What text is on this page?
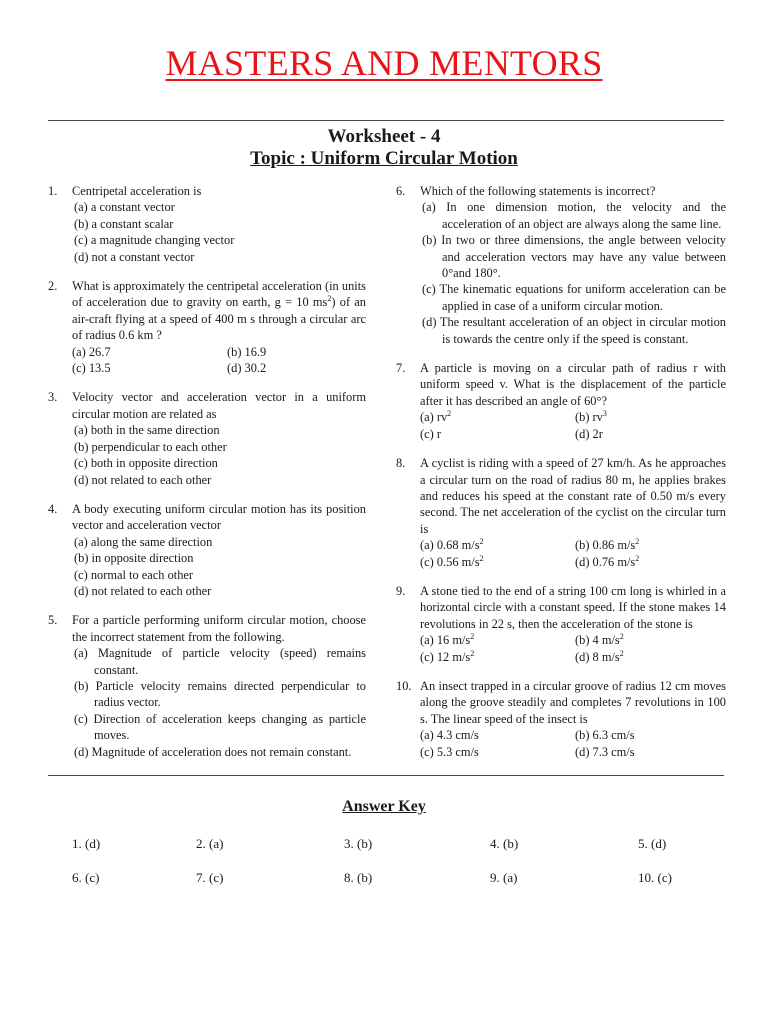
MASTERS AND MENTORS
Worksheet - 4
Topic : Uniform Circular Motion
1. Centripetal acceleration is
(a) a constant vector
(b) a constant scalar
(c) a magnitude changing vector
(d) not a constant vector
2. What is approximately the centripetal acceleration (in units of acceleration due to gravity on earth, g = 10 $ms^2$) of an air-craft flying at a speed of 400 m s through a circular arc of radius 0.6 km ?
(a) 26.7	(b) 16.9
(c) 13.5	(d) 30.2
3. Velocity vector and acceleration vector in a uniform circular motion are related as
(a) both in the same direction
(b) perpendicular to each other
(c) both in opposite direction
(d) not related to each other
4. A body executing uniform circular motion has its position vector and acceleration vector
(a) along the same direction
(b) in opposite direction
(c) normal to each other
(d) not related to each other
5. For a particle performing uniform circular motion, choose the incorrect statement from the following.
(a) Magnitude of particle velocity (speed) remains constant.
(b) Particle velocity remains directed perpendicular to radius vector.
(c) Direction of acceleration keeps changing as particle moves.
(d) Magnitude of acceleration does not remain constant.
6. Which of the following statements is incorrect?
(a) In one dimension motion, the velocity and the acceleration of an object are always along the same line.
(b) In two or three dimensions, the angle between velocity and acceleration vectors may have any value between 0°and 180°.
(c) The kinematic equations for uniform acceleration can be applied in case of a uniform circular motion.
(d) The resultant acceleration of an object in circular motion is towards the centre only if the speed is constant.
7. A particle is moving on a circular path of radius r with uniform speed v. What is the displacement of the particle after it has described an angle of 60°?
(a) $rv^2$	(b) $rv^3$
(c) r	(d) 2r
8. A cyclist is riding with a speed of 27 km/h. As he approaches a circular turn on the road of radius 80 m, he applies brakes and reduces his speed at the constant rate of 0.50 m/s every second. The net acceleration of the cyclist on the circular turn is
(a) 0.68 $m/s^2$	(b) 0.86 $m/s^2$
(c) 0.56 $m/s^2$	(d) 0.76 $m/s^2$
9. A stone tied to the end of a string 100 cm long is whirled in a horizontal circle with a constant speed. If the stone makes 14 revolutions in 22 s, then the acceleration of the stone is
(a) 16 $m/s^2$	(b) 4 $m/s^2$
(c) 12 $m/s^2$	(d) 8 $m/s^2$
10. An insect trapped in a circular groove of radius 12 cm moves along the groove steadily and completes 7 revolutions in 100 s. The linear speed of the insect is
(a) 4.3 cm/s	(b) 6.3 cm/s
(c) 5.3 cm/s	(d) 7.3 cm/s
Answer Key
1. (d)	2. (a)	3. (b)	4. (b)	5. (d)
6. (c)	7. (c)	8. (b)	9. (a)	10. (c)
